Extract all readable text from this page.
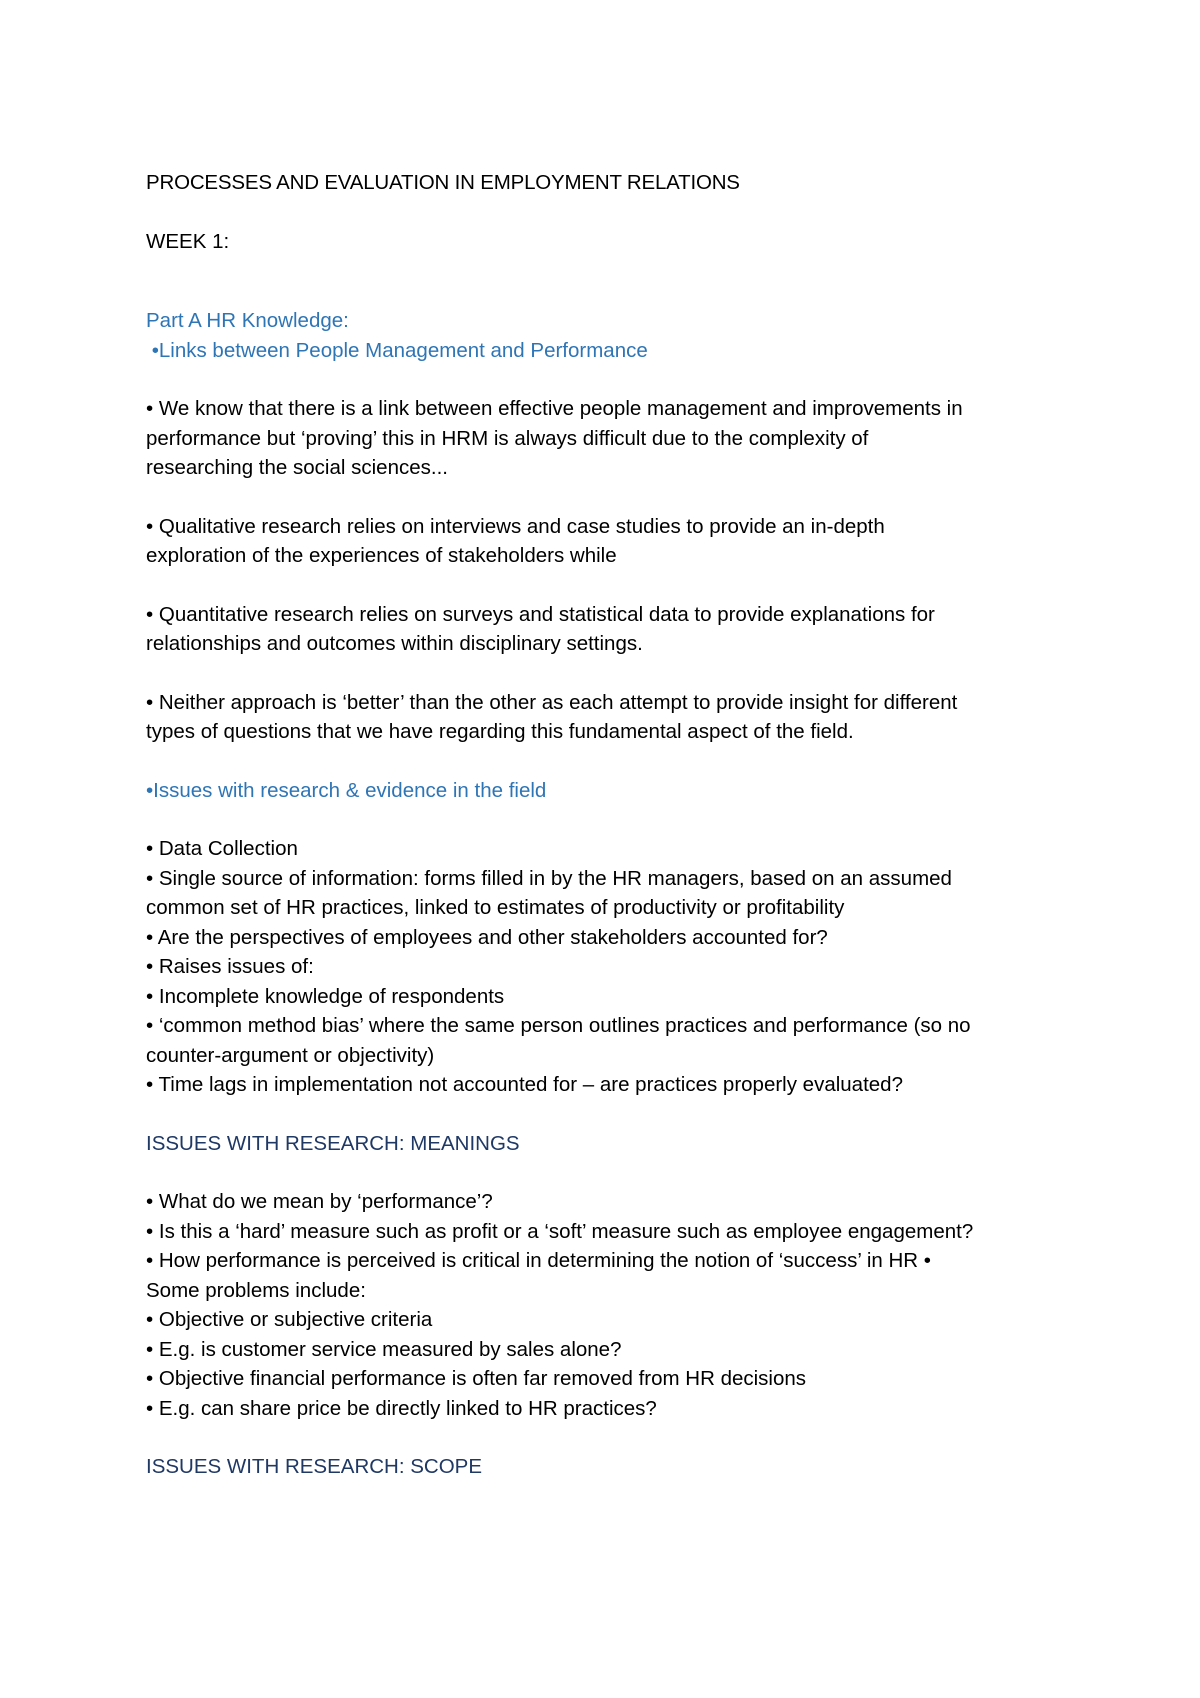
PROCESSES AND EVALUATION IN EMPLOYMENT RELATIONS

WEEK 1:

Part A HR Knowledge:

•Links between People Management and Performance

• We know that there is a link between effective people management and improvements in

performance but ‘proving’ this in HRM is always difficult due to the complexity of

researching the social sciences...

• Qualitative research relies on interviews and case studies to provide an in-depth

exploration of the experiences of stakeholders while

• Quantitative research relies on surveys and statistical data to provide explanations for

relationships and outcomes within disciplinary settings.

• Neither approach is ‘better’ than the other as each attempt to provide insight for different

types of questions that we have regarding this fundamental aspect of the field.

•Issues with research & evidence in the field

• Data Collection

• Single source of information: forms filled in by the HR managers, based on an assumed

common set of HR practices, linked to estimates of productivity or profitability

• Are the perspectives of employees and other stakeholders accounted for?

• Raises issues of:

• Incomplete knowledge of respondents

• ‘common method bias’ where the same person outlines practices and performance (so no

counter-argument or objectivity)

• Time lags in implementation not accounted for – are practices properly evaluated?

ISSUES WITH RESEARCH: MEANINGS

• What do we mean by ‘performance’?

• Is this a ‘hard’ measure such as profit or a ‘soft’ measure such as employee engagement?

• How performance is perceived is critical in determining the notion of ‘success’ in HR •

Some problems include:

• Objective or subjective criteria

• E.g. is customer service measured by sales alone?

• Objective financial performance is often far removed from HR decisions

• E.g. can share price be directly linked to HR practices?

ISSUES WITH RESEARCH: SCOPE
